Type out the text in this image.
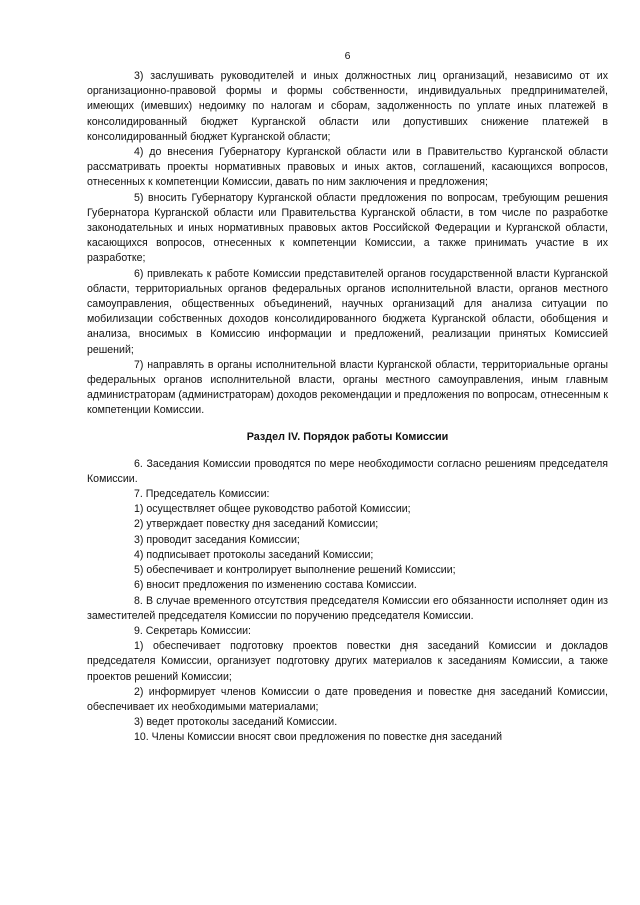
6

3) заслушивать руководителей и иных должностных лиц организаций, независимо от их организационно-правовой формы и формы собственности, индивидуальных предпринимателей, имеющих (имевших) недоимку по налогам и сборам, задолженность по уплате иных платежей в консолидированный бюджет Курганской области или допустивших снижение платежей в консолидированный бюджет Курганской области;

4) до внесения Губернатору Курганской области или в Правительство Курганской области рассматривать проекты нормативных правовых и иных актов, соглашений, касающихся вопросов, отнесенных к компетенции Комиссии, давать по ним заключения и предложения;

5) вносить Губернатору Курганской области предложения по вопросам, требующим решения Губернатора Курганской области или Правительства Курганской области, в том числе по разработке законодательных и иных нормативных правовых актов Российской Федерации и Курганской области, касающихся вопросов, отнесенных к компетенции Комиссии, а также принимать участие в их разработке;

6) привлекать к работе Комиссии представителей органов государственной власти Курганской области, территориальных органов федеральных органов исполнительной власти, органов местного самоуправления, общественных объединений, научных организаций для анализа ситуации по мобилизации собственных доходов консолидированного бюджета Курганской области, обобщения и анализа, вносимых в Комиссию информации и предложений, реализации принятых Комиссией решений;

7) направлять в органы исполнительной власти Курганской области, территориальные органы федеральных органов исполнительной власти, органы местного самоуправления, иным главным администраторам (администраторам) доходов рекомендации и предложения по вопросам, отнесенным к компетенции Комиссии.

Раздел IV. Порядок работы Комиссии

6. Заседания Комиссии проводятся по мере необходимости согласно решениям председателя Комиссии.

7. Председатель Комиссии:

1) осуществляет общее руководство работой Комиссии;

2) утверждает повестку дня заседаний Комиссии;

3) проводит заседания Комиссии;

4) подписывает протоколы заседаний Комиссии;

5) обеспечивает и контролирует выполнение решений Комиссии;

6) вносит предложения по изменению состава Комиссии.

8. В случае временного отсутствия председателя Комиссии его обязанности исполняет один из заместителей председателя Комиссии по поручению председателя Комиссии.

9. Секретарь Комиссии:

1) обеспечивает подготовку проектов повестки дня заседаний Комиссии и докладов председателя Комиссии, организует подготовку других материалов к заседаниям Комиссии, а также проектов решений Комиссии;

2) информирует членов Комиссии о дате проведения и повестке дня заседаний Комиссии, обеспечивает их необходимыми материалами;

3) ведет протоколы заседаний Комиссии.

10. Члены Комиссии вносят свои предложения по повестке дня заседаний
